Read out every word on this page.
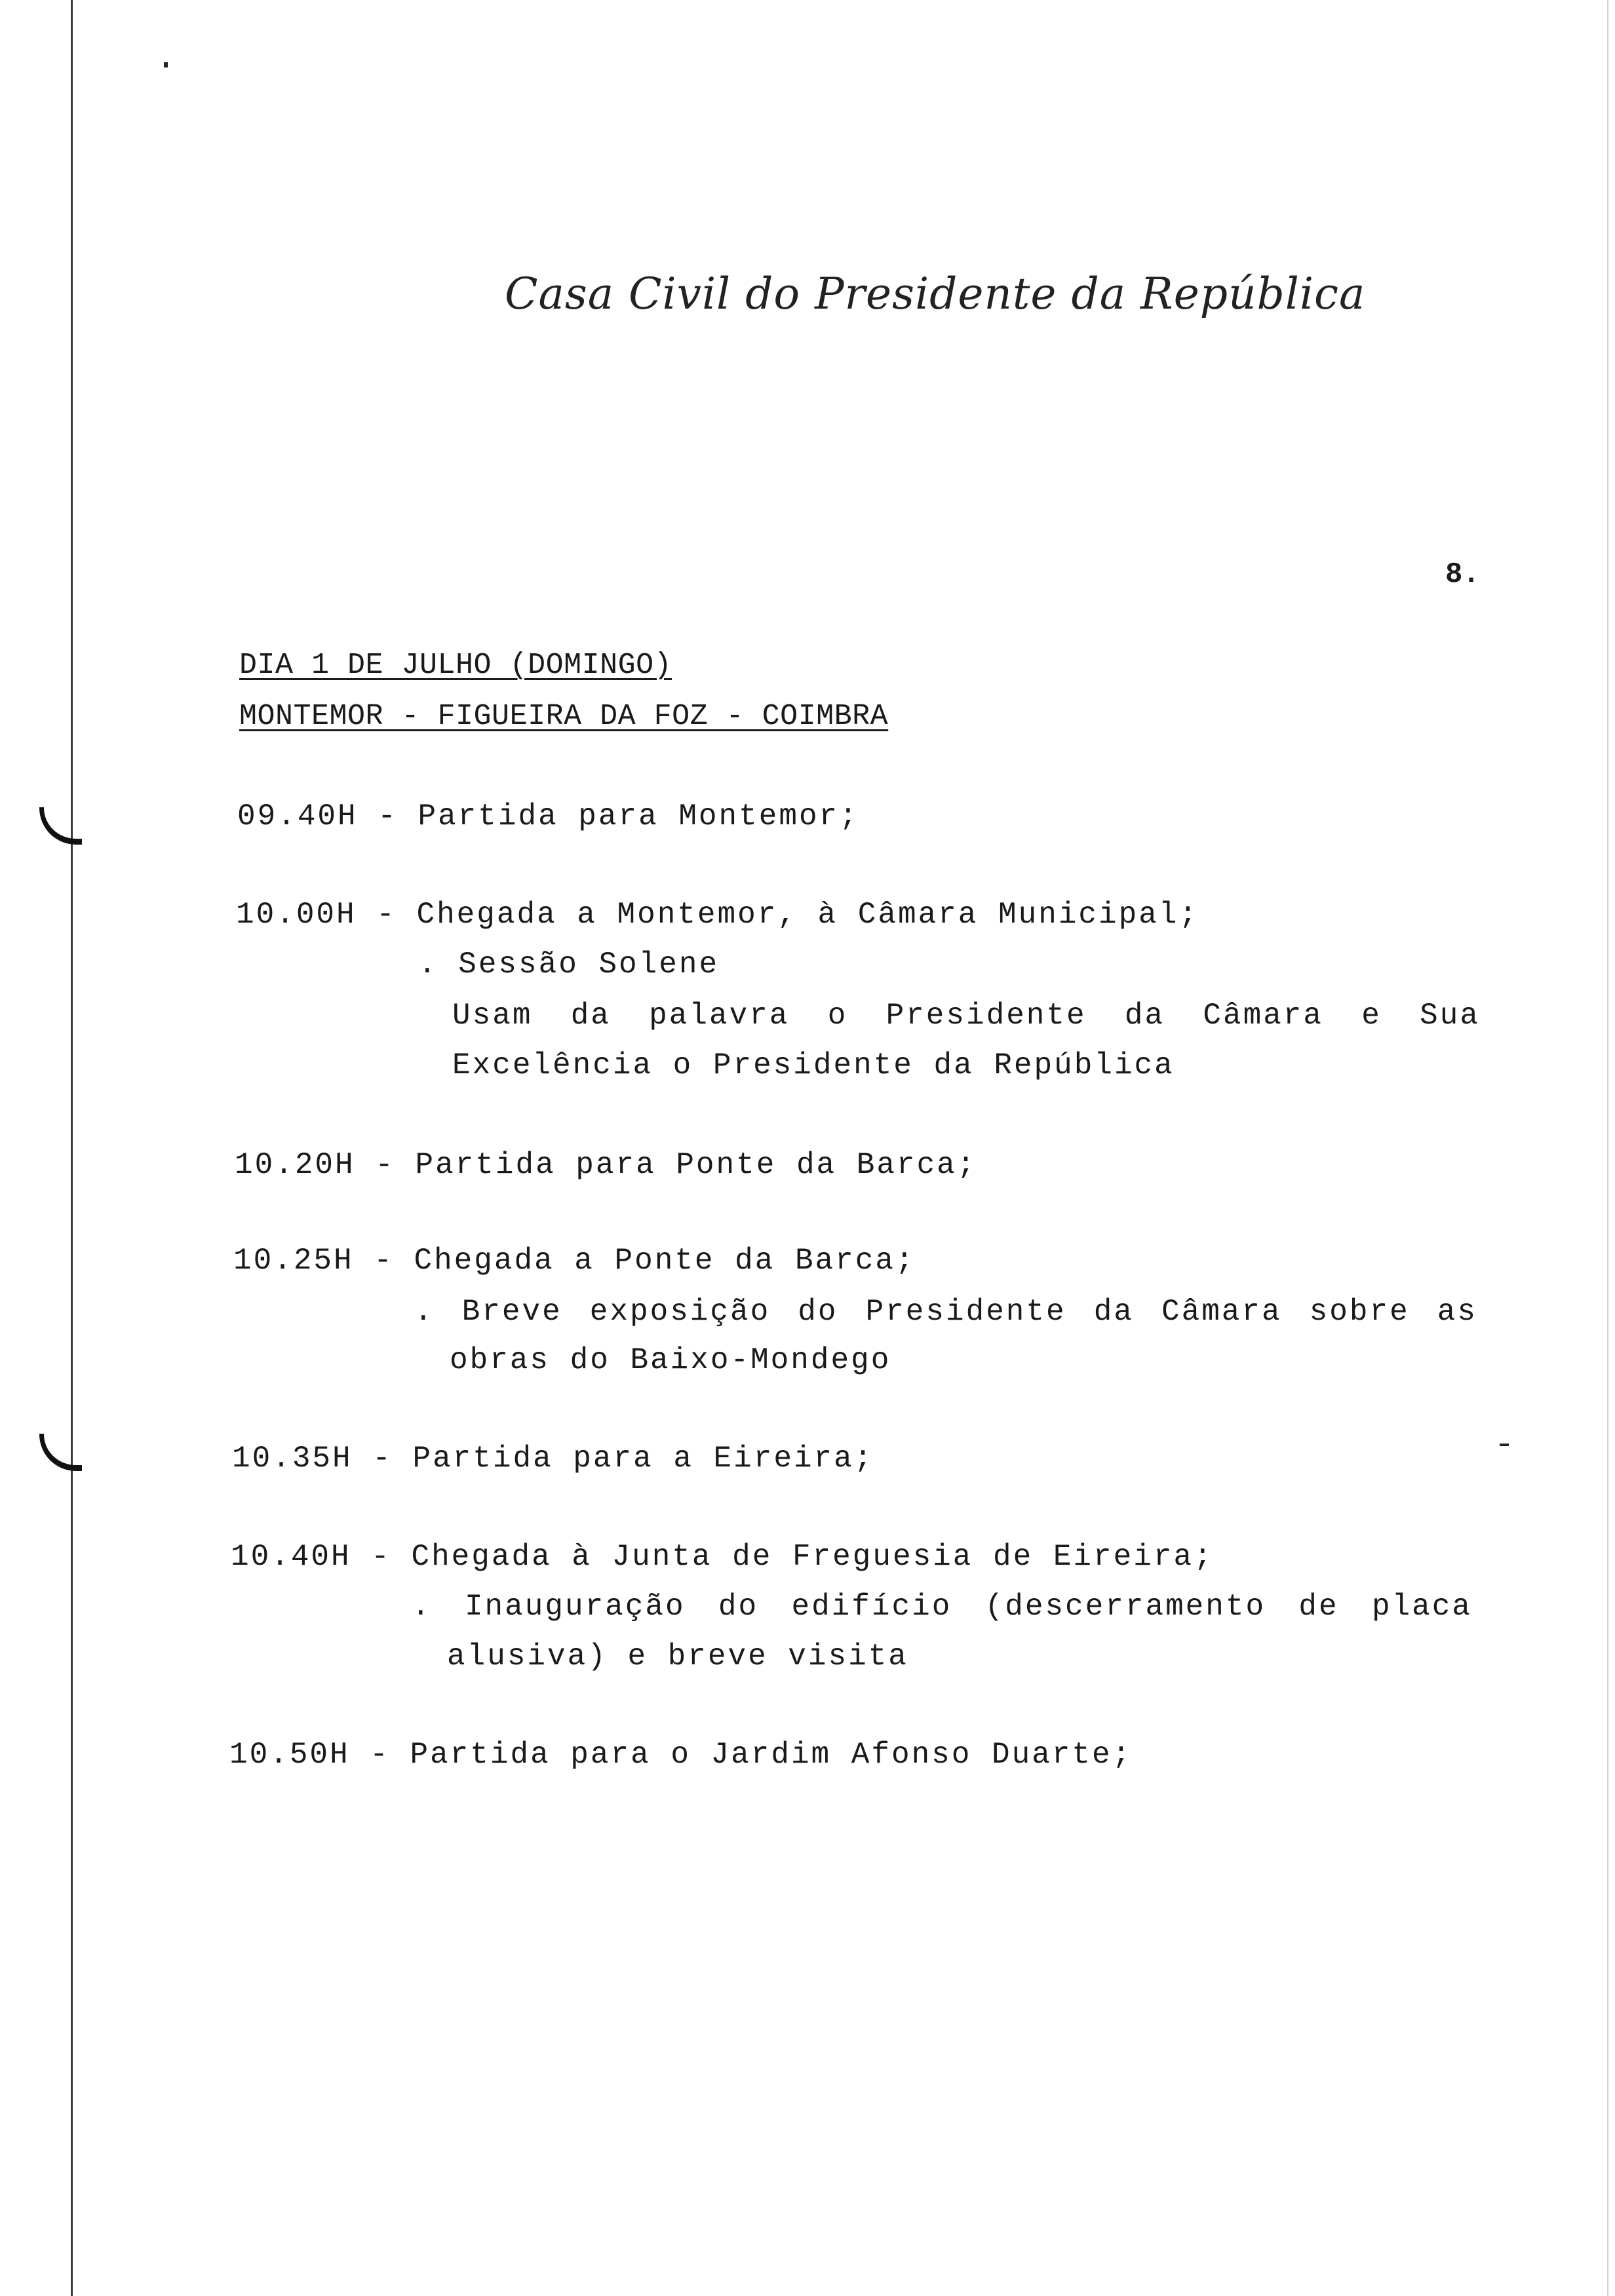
Casa Civil do Presidente da República
8.
DIA 1 DE JULHO (DOMINGO)
MONTEMOR - FIGUEIRA DA FOZ - COIMBRA
09.40H - Partida para Montemor;
10.00H - Chegada a Montemor, à Câmara Municipal;
. Sessão Solene
Usam da palavra o Presidente da Câmara e Sua
Excelência o Presidente da República
10.20H - Partida para Ponte da Barca;
10.25H - Chegada a Ponte da Barca;
. Breve exposição do Presidente da Câmara sobre as
obras do Baixo-Mondego
10.35H - Partida para a Eireira;
10.40H - Chegada à Junta de Freguesia de Eireira;
. Inauguração do edifício (descerramento de placa
alusiva) e breve visita
10.50H - Partida para o Jardim Afonso Duarte;
